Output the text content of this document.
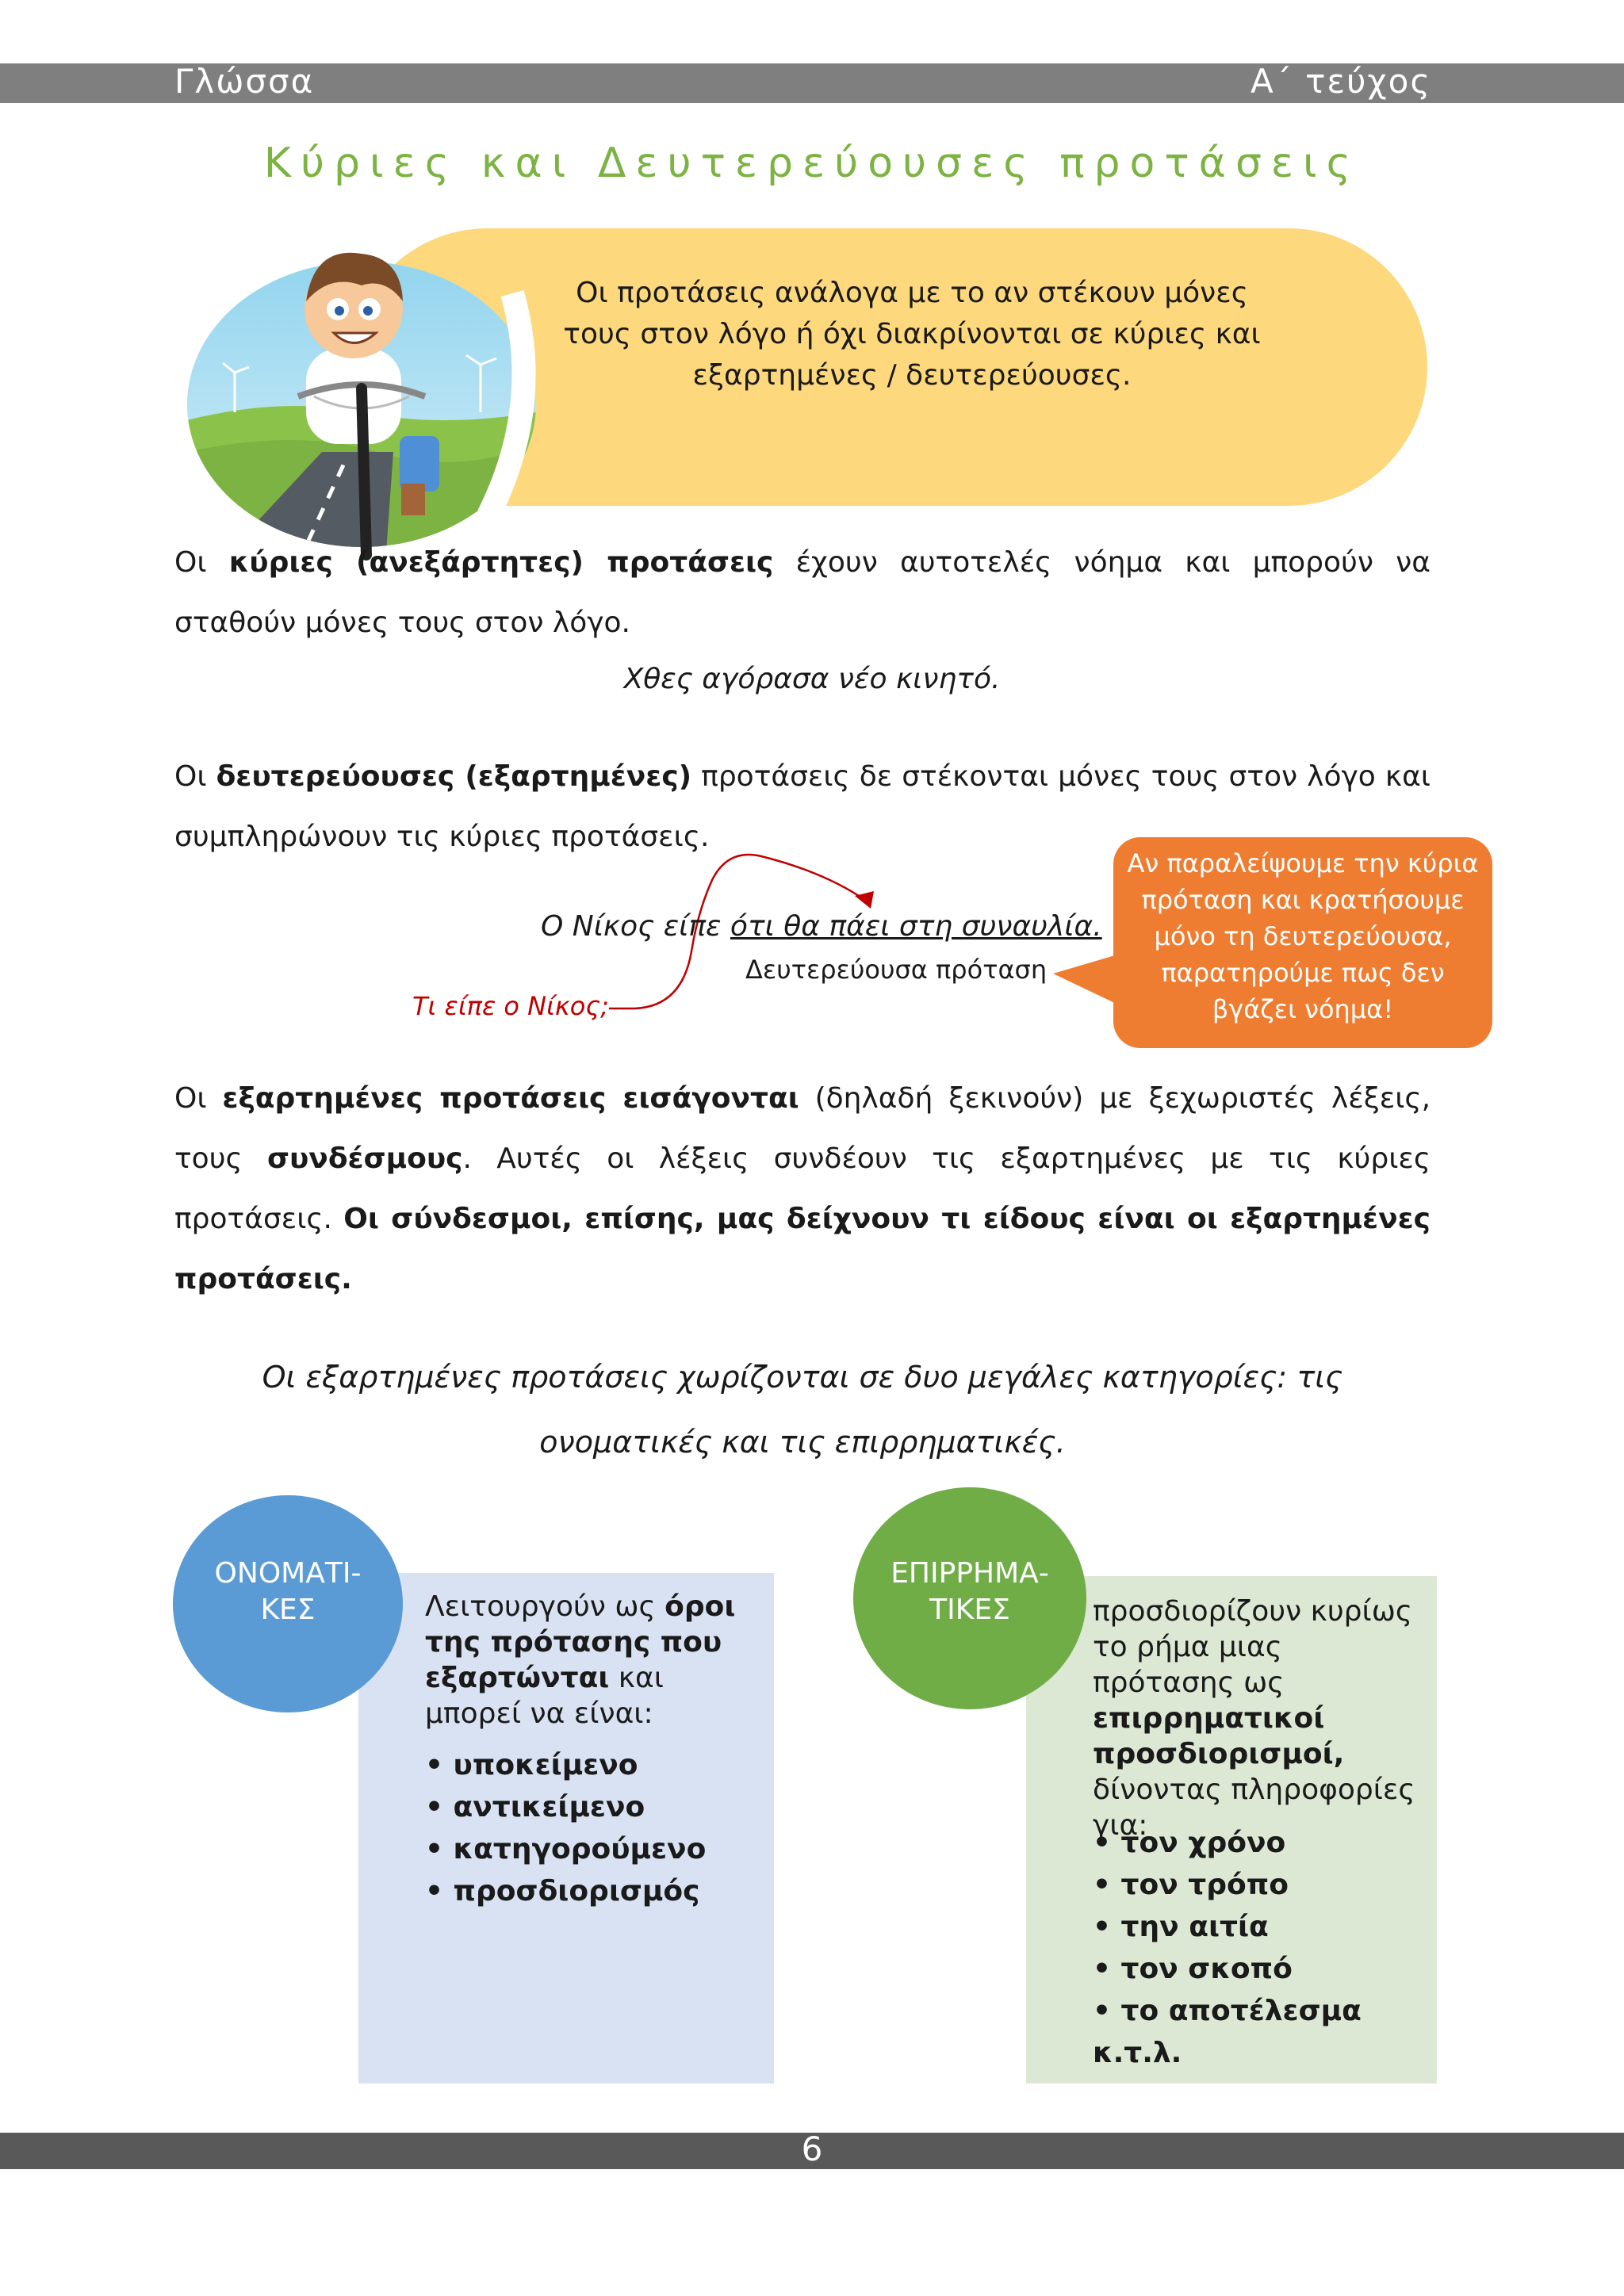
Γλώσσα	Α΄ τεύχος
Κύριες και Δευτερεύουσες προτάσεις
Οι προτάσεις ανάλογα με το αν στέκουν μόνες
τους στον λόγο ή όχι διακρίνονται σε κύριες και
εξαρτημένες / δευτερεύουσες.
Οι κύριες (ανεξάρτητες) προτάσεις έχουν αυτοτελές νόημα και μπορούν να σταθούν μόνες τους στον λόγο.
Χθες αγόρασα νέο κινητό.
Οι δευτερεύουσες (εξαρτημένες) προτάσεις δε στέκονται μόνες τους στον λόγο και συμπληρώνουν τις κύριες προτάσεις.
Ο Νίκος είπε ότι θα πάει στη συναυλία.
Δευτερεύουσα πρόταση
Τι είπε ο Νίκος;
Αν παραλείψουμε την κύρια
πρόταση και κρατήσουμε
μόνο τη δευτερεύουσα,
παρατηρούμε πως δεν
βγάζει νόημα!
Οι εξαρτημένες προτάσεις εισάγονται (δηλαδή ξεκινούν) με ξεχωριστές λέξεις, τους συνδέσμους. Αυτές οι λέξεις συνδέουν τις εξαρτημένες με τις κύριες προτάσεις. Οι σύνδεσμοι, επίσης, μας δείχνουν τι είδους είναι οι εξαρτημένες προτάσεις.
Οι εξαρτημένες προτάσεις χωρίζονται σε δυο μεγάλες κατηγορίες: τις ονοματικές και τις επιρρηματικές.
ΟΝΟΜΑΤΙ-
ΚΕΣ	Λειτουργούν ως όροι της πρότασης που εξαρτώνται και μπορεί να είναι:
• υποκείμενο
• αντικείμενο
• κατηγορούμενο
• προσδιορισμός
ΕΠΙΡΡΗΜΑ-
ΤΙΚΕΣ	προσδιορίζουν κυρίως το ρήμα μιας πρότασης ως επιρρηματικοί προσδιορισμοί, δίνοντας πληροφορίες για:
• τον χρόνο
• τον τρόπο
• την αιτία
• τον σκοπό
• το αποτέλεσμα κ.τ.λ.
6
